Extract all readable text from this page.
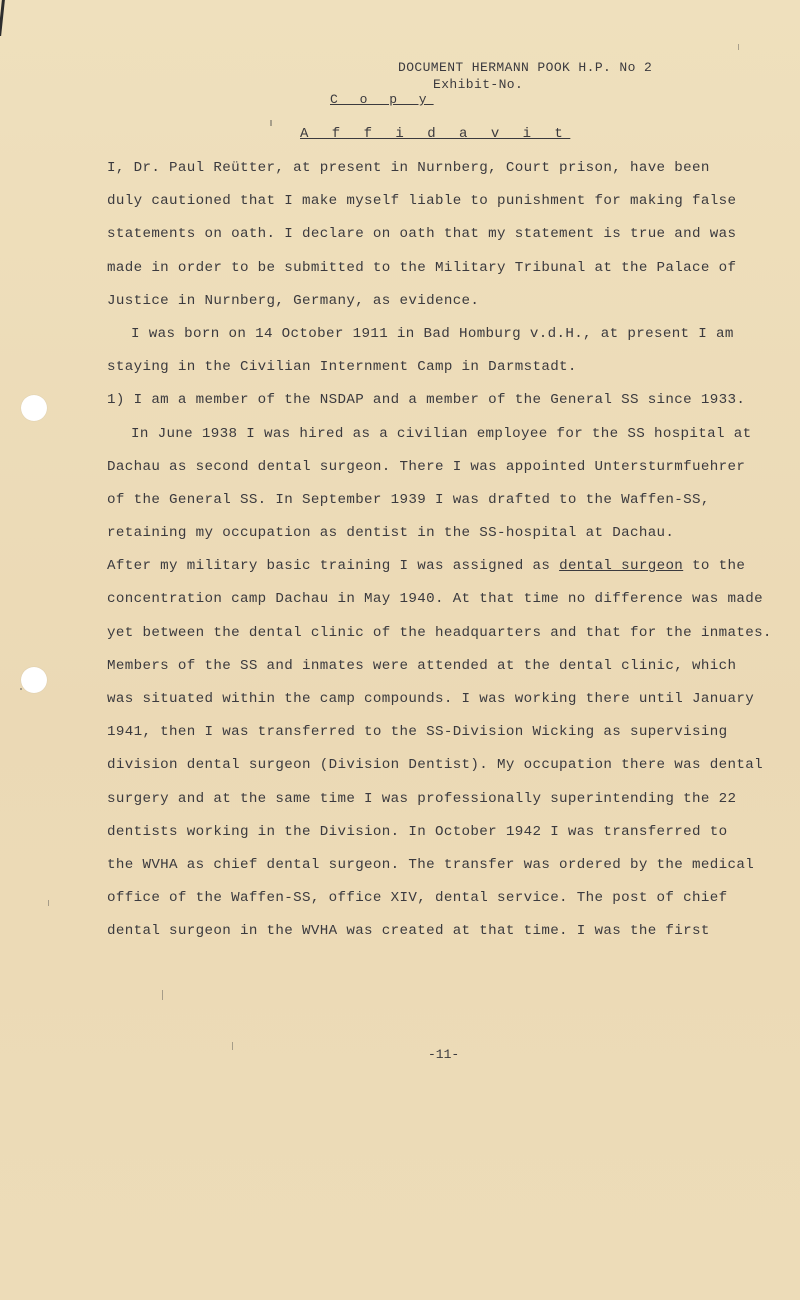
DOCUMENT HERMANN POOK H.P. No 2
Exhibit-No.
C o p y
A f f i d a v i t
I, Dr. Paul Reütter, at present in Nurnberg, Court prison, have been
duly cautioned that I make myself liable to punishment for making false
statements on oath. I declare on oath that my statement is true and was
made in order to be submitted to the Military Tribunal at the Palace of
Justice in Nurnberg, Germany, as evidence.
I was born on 14 October 1911 in Bad Homburg v.d.H., at present I am
staying in the Civilian Internment Camp in Darmstadt.
1) I am a member of the NSDAP and a member of the General SS since 1933.
In June 1938 I was hired as a civilian employee for the SS hospital at
Dachau as second dental surgeon. There I was appointed Untersturmfuehrer
of the General SS. In September 1939 I was drafted to the Waffen-SS,
retaining my occupation as dentist in the SS-hospital at Dachau.
After my military basic training I was assigned as dental surgeon to the
concentration camp Dachau in May 1940. At that time no difference was made
yet between the dental clinic of the headquarters and that for the inmates.
Members of the SS and inmates were attended at the dental clinic, which
was situated within the camp compounds. I was working there until January
1941, then I was transferred to the SS-Division Wicking as supervising
division dental surgeon (Division Dentist). My occupation there was dental
surgery and at the same time I was professionally superintending the 22
dentists working in the Division. In October 1942 I was transferred to
the WVHA as chief dental surgeon. The transfer was ordered by the medical
office of the Waffen-SS, office XIV, dental service. The post of chief
dental surgeon in the WVHA was created at that time. I was the first
-11-
